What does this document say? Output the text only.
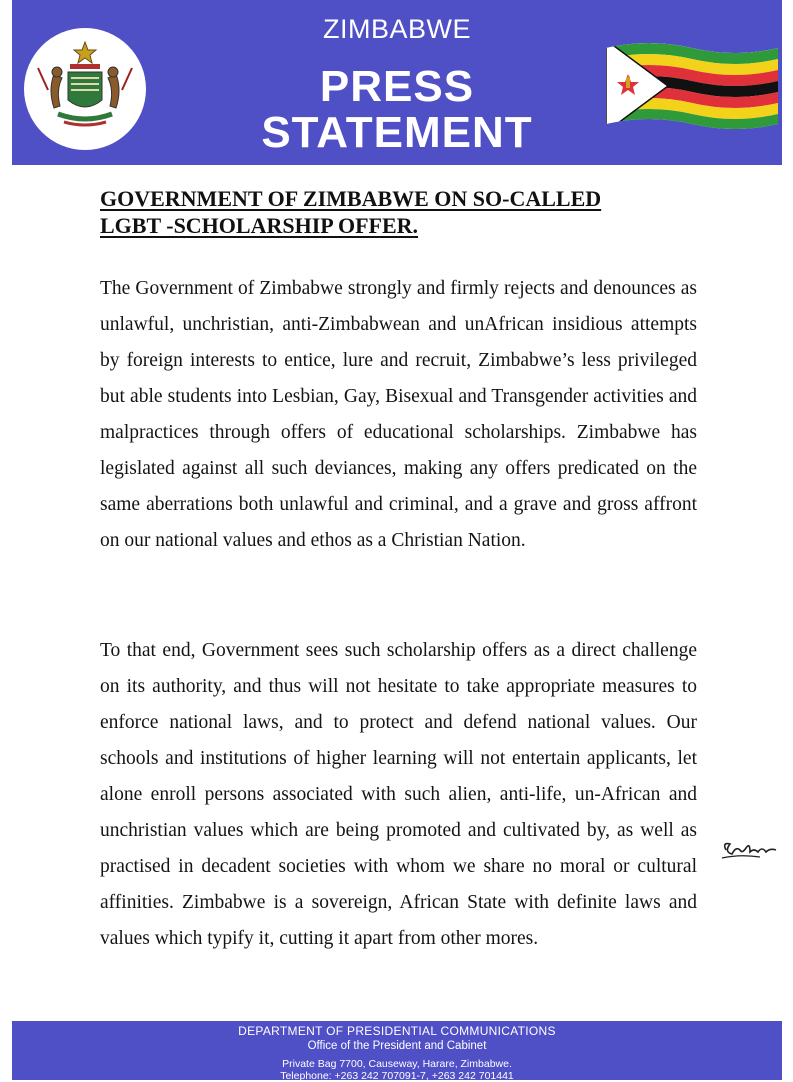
ZIMBABWE
PRESS
STATEMENT
GOVERNMENT OF ZIMBABWE ON SO-CALLED
LGBT -SCHOLARSHIP OFFER.

The Government of Zimbabwe strongly and firmly rejects and denounces as unlawful, unchristian, anti-Zimbabwean and unAfrican insidious attempts by foreign interests to entice, lure and recruit, Zimbabwe’s less privileged but able students into Lesbian, Gay, Bisexual and Transgender activities and malpractices through offers of educational scholarships. Zimbabwe has legislated against all such deviances, making any offers predicated on the same aberrations both unlawful and criminal, and a grave and gross affront on our national values and ethos as a Christian Nation.

To that end, Government sees such scholarship offers as a direct challenge on its authority, and thus will not hesitate to take appropriate measures to enforce national laws, and to protect and defend national values. Our schools and institutions of higher learning will not entertain applicants, let alone enroll persons associated with such alien, anti-life, un-African and unchristian values which are being promoted and cultivated by, as well as practised in decadent societies with whom we share no moral or cultural affinities. Zimbabwe is a sovereign, African State with definite laws and values which typify it, cutting it apart from other mores.

DEPARTMENT OF PRESIDENTIAL COMMUNICATIONS
Office of the President and Cabinet
Private Bag 7700, Causeway, Harare, Zimbabwe.
Telephone: +263 242 707091-7, +263 242 701441
